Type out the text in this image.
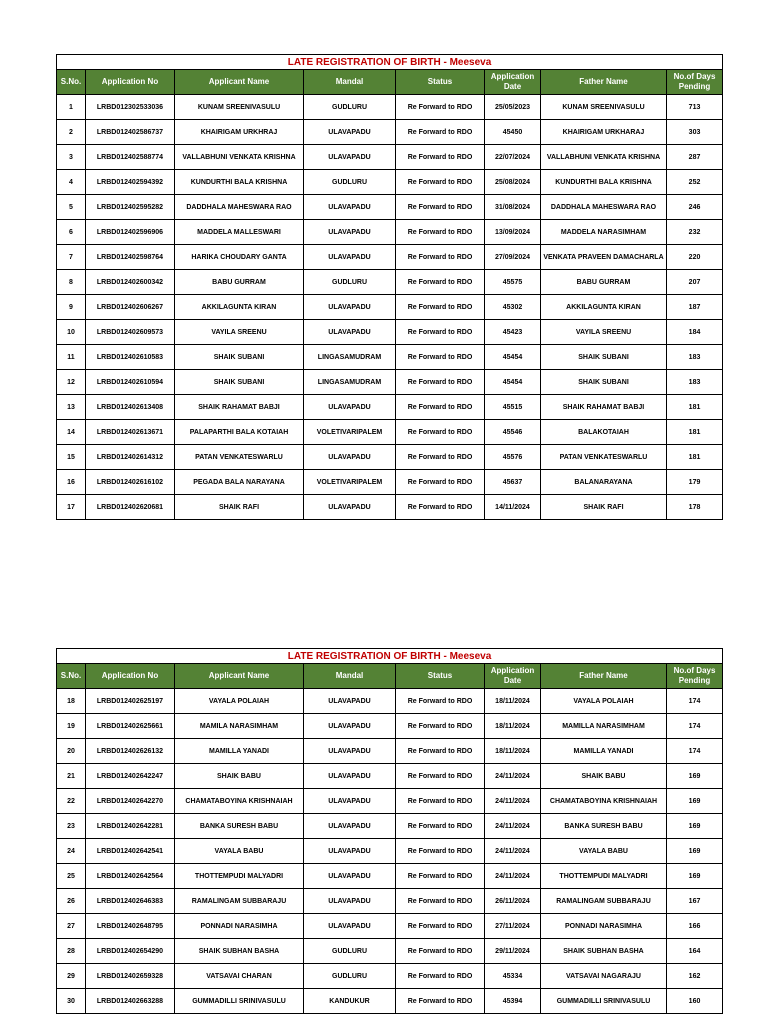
LATE REGISTRATION OF BIRTH - Meeseva							
S.No.	Application No	Applicant Name	Mandal	Status	Application Date	Father Name	No.of Days Pending
1	LRBD012302533036	KUNAM SREENIVASULU	GUDLURU	Re Forward to RDO	25/05/2023	KUNAM SREENIVASULU	713
2	LRBD012402586737	KHAIRIGAM URKHRAJ	ULAVAPADU	Re Forward to RDO	45450	KHAIRIGAM URKHARAJ	303
3	LRBD012402588774	VALLABHUNI VENKATA KRISHNA	ULAVAPADU	Re Forward to RDO	22/07/2024	VALLABHUNI VENKATA KRISHNA	287
4	LRBD012402594392	KUNDURTHI BALA KRISHNA	GUDLURU	Re Forward to RDO	25/08/2024	KUNDURTHI BALA KRISHNA	252
5	LRBD012402595282	DADDHALA MAHESWARA RAO	ULAVAPADU	Re Forward to RDO	31/08/2024	DADDHALA MAHESWARA RAO	246
6	LRBD012402596906	MADDELA MALLESWARI	ULAVAPADU	Re Forward to RDO	13/09/2024	MADDELA NARASIMHAM	232
7	LRBD012402598764	HARIKA CHOUDARY GANTA	ULAVAPADU	Re Forward to RDO	27/09/2024	VENKATA PRAVEEN DAMACHARLA	220
8	LRBD012402600342	BABU GURRAM	GUDLURU	Re Forward to RDO	45575	BABU GURRAM	207
9	LRBD012402606267	AKKILAGUNTA KIRAN	ULAVAPADU	Re Forward to RDO	45302	AKKILAGUNTA KIRAN	187
10	LRBD012402609573	VAYILA SREENU	ULAVAPADU	Re Forward to RDO	45423	VAYILA SREENU	184
11	LRBD012402610583	SHAIK SUBANI	LINGASAMUDRAM	Re Forward to RDO	45454	SHAIK SUBANI	183
12	LRBD012402610594	SHAIK SUBANI	LINGASAMUDRAM	Re Forward to RDO	45454	SHAIK SUBANI	183
13	LRBD012402613408	SHAIK RAHAMAT BABJI	ULAVAPADU	Re Forward to RDO	45515	SHAIK RAHAMAT BABJI	181
14	LRBD012402613671	PALAPARTHI BALA KOTAIAH	VOLETIVARIPALEM	Re Forward to RDO	45546	BALAKOTAIAH	181
15	LRBD012402614312	PATAN VENKATESWARLU	ULAVAPADU	Re Forward to RDO	45576	PATAN VENKATESWARLU	181
16	LRBD012402616102	PEGADA BALA NARAYANA	VOLETIVARIPALEM	Re Forward to RDO	45637	BALANARAYANA	179
17	LRBD012402620681	SHAIK RAFI	ULAVAPADU	Re Forward to RDO	14/11/2024	SHAIK RAFI	178
LATE REGISTRATION OF BIRTH - Meeseva							
S.No.	Application No	Applicant Name	Mandal	Status	Application Date	Father Name	No.of Days Pending
18	LRBD012402625197	VAYALA POLAIAH	ULAVAPADU	Re Forward to RDO	18/11/2024	VAYALA POLAIAH	174
19	LRBD012402625661	MAMILA NARASIMHAM	ULAVAPADU	Re Forward to RDO	18/11/2024	MAMILLA NARASIMHAM	174
20	LRBD012402626132	MAMILLA YANADI	ULAVAPADU	Re Forward to RDO	18/11/2024	MAMILLA YANADI	174
21	LRBD012402642247	SHAIK BABU	ULAVAPADU	Re Forward to RDO	24/11/2024	SHAIK BABU	169
22	LRBD012402642270	CHAMATABOYINA KRISHNAIAH	ULAVAPADU	Re Forward to RDO	24/11/2024	CHAMATABOYINA KRISHNAIAH	169
23	LRBD012402642281	BANKA SURESH BABU	ULAVAPADU	Re Forward to RDO	24/11/2024	BANKA SURESH BABU	169
24	LRBD012402642541	VAYALA BABU	ULAVAPADU	Re Forward to RDO	24/11/2024	VAYALA BABU	169
25	LRBD012402642564	THOTTEMPUDI MALYADRI	ULAVAPADU	Re Forward to RDO	24/11/2024	THOTTEMPUDI MALYADRI	169
26	LRBD012402646383	RAMALINGAM SUBBARAJU	ULAVAPADU	Re Forward to RDO	26/11/2024	RAMALINGAM SUBBARAJU	167
27	LRBD012402648795	PONNADI NARASIMHA	ULAVAPADU	Re Forward to RDO	27/11/2024	PONNADI NARASIMHA	166
28	LRBD012402654290	SHAIK SUBHAN BASHA	GUDLURU	Re Forward to RDO	29/11/2024	SHAIK SUBHAN BASHA	164
29	LRBD012402659328	VATSAVAI CHARAN	GUDLURU	Re Forward to RDO	45334	VATSAVAI NAGARAJU	162
30	LRBD012402663288	GUMMADILLI SRINIVASULU	KANDUKUR	Re Forward to RDO	45394	GUMMADILLI SRINIVASULU	160
